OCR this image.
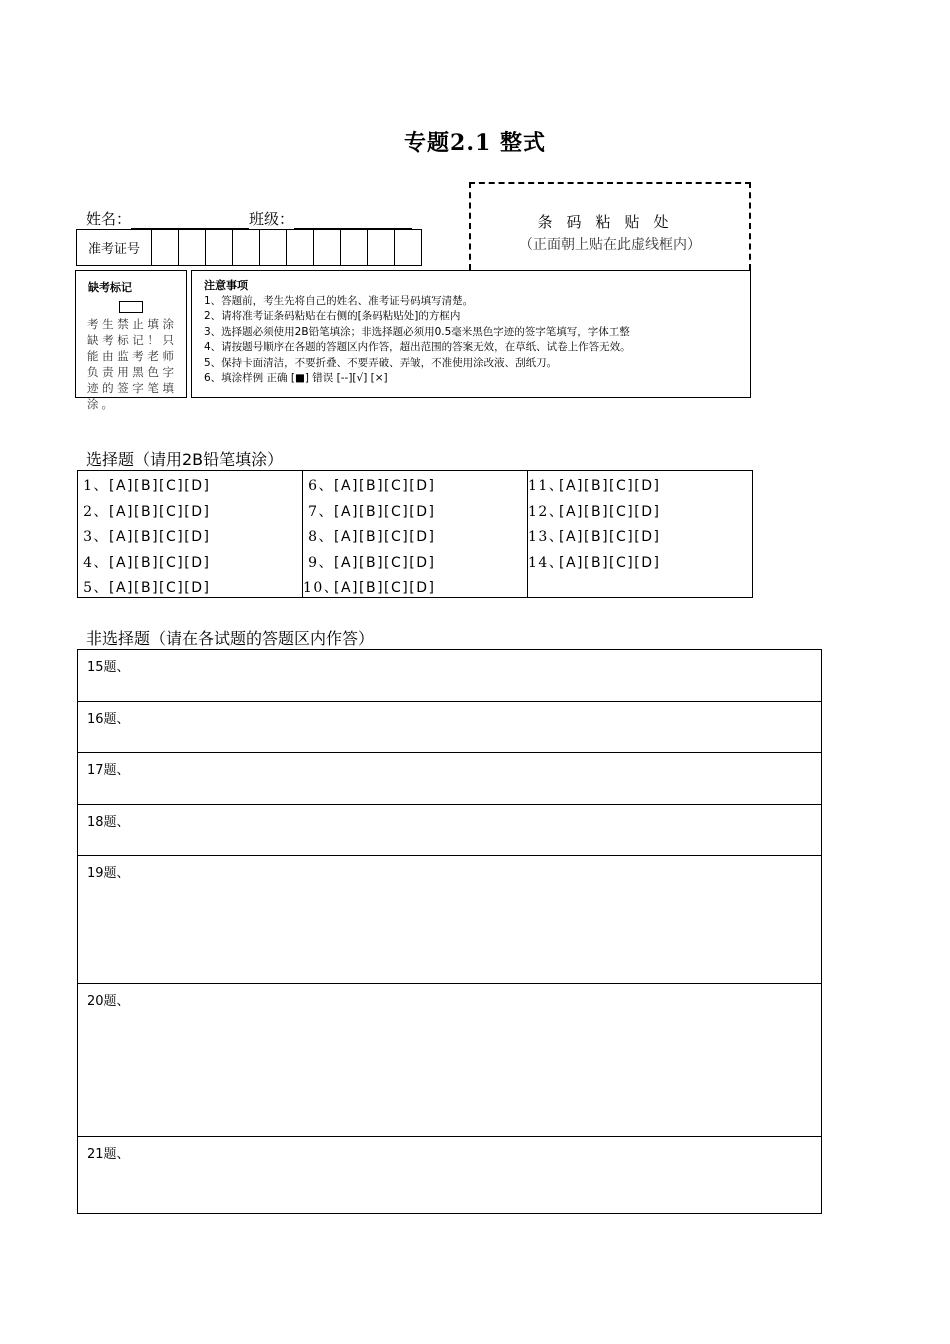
专题2.1 整式
姓名：	班级：
准考证号
条码粘贴处
（正面朝上贴在此虚线框内）
缺考标记
考生禁止填涂缺考标记！只能由监考老师负责用黑色字迹的签字笔填涂。
注意事项
1、答题前，考生先将自己的姓名、准考证号码填写清楚。
2、请将准考证条码粘贴在右侧的[条码粘贴处]的方框内
3、选择题必须使用2B铅笔填涂；非选择题必须用0.5毫米黑色字迹的签字笔填写，字体工整
4、请按题号顺序在各题的答题区内作答，超出范围的答案无效，在草纸、试卷上作答无效。
5、保持卡面清洁，不要折叠、不要弄破、弄皱，不准使用涂改液、刮纸刀。
6、填涂样例 正确 [■] 错误 [--][√] [×]
选择题（请用2B铅笔填涂）
1、[A][B][C][D]
2、[A][B][C][D]
3、[A][B][C][D]
4、[A][B][C][D]
5、[A][B][C][D]
6、[A][B][C][D]
7、[A][B][C][D]
8、[A][B][C][D]
9、[A][B][C][D]
10、[A][B][C][D]
11、[A][B][C][D]
12、[A][B][C][D]
13、[A][B][C][D]
14、[A][B][C][D]
非选择题（请在各试题的答题区内作答）
15题、
16题、
17题、
18题、
19题、
20题、
21题、
